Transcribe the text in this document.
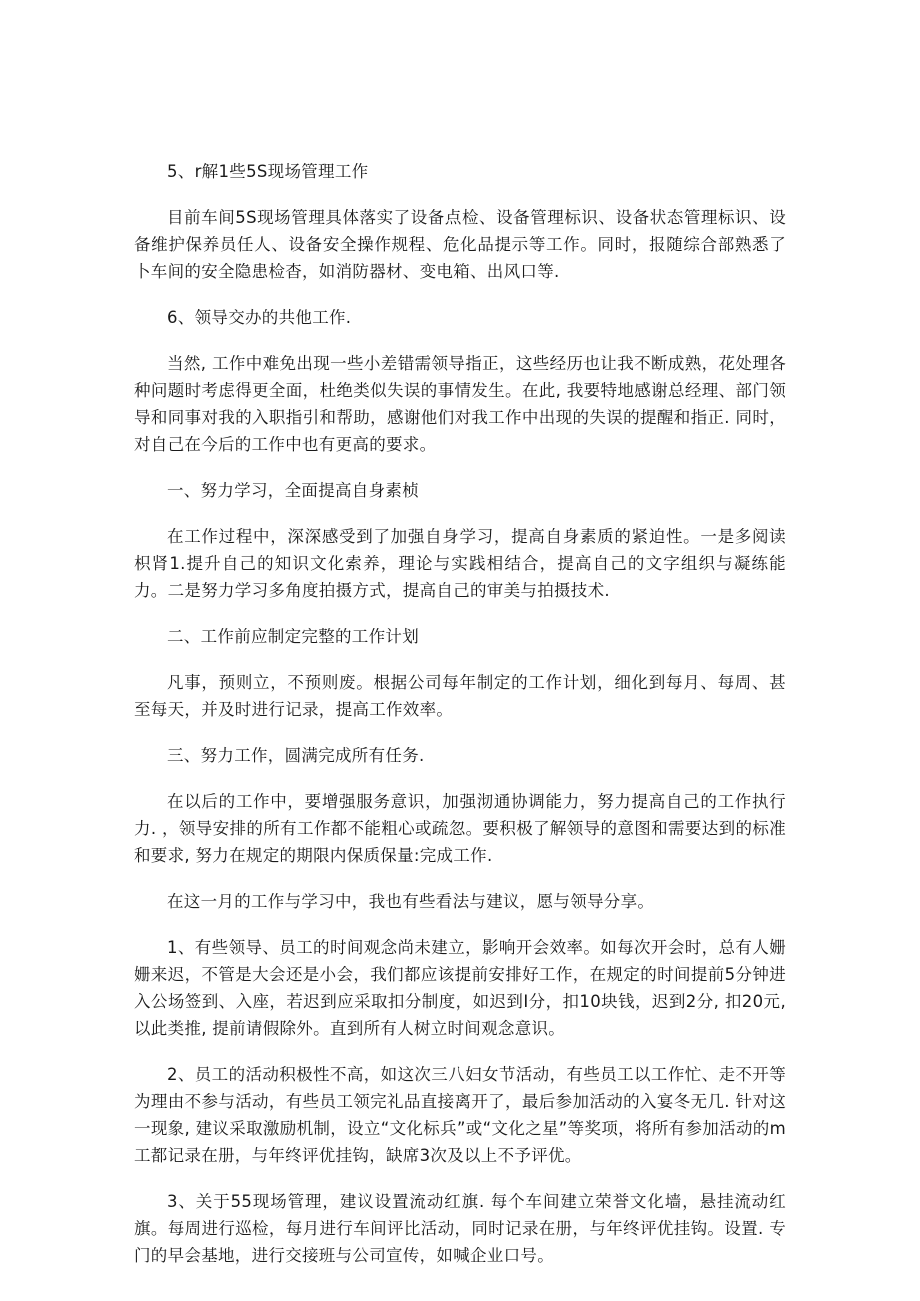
5、r解1些5S现场管理工作

目前车间5S现场管理具体落实了设备点检、设备管理标识、设备状态管理标识、设备维护保养员任人、设备安全操作规程、危化品提示等工作。同时，报随综合部熟悉了卜车间的安全隐患检杳，如消防器材、变电箱、出风口等.

6、领导交办的共他工作.

当然, 工作中难免出现一些小差错需领导指正，这些经历也让我不断成熟，花处理各种问题时考虑得更全面，杜绝类似失误的事情发生。在此, 我要特地感谢总经理、部门领导和同事对我的入职指引和帮助，感谢他们对我工作中出现的失误的提醒和指正. 同时，对自己在今后的工作中也有更高的要求。

一、努力学习，全面提高自身素桢

在工作过程中，深深感受到了加强自身学习，提高自身素质的紧迫性。一是多阅读枳肾1.提升自己的知识文化索养，理论与实践相结合，提高自己的文字组织与凝练能力。二是努力学习多角度拍摄方式，提高自己的审美与拍摄技术.

二、工作前应制定完整的工作计划

凡事，预则立，不预则废。根据公司每年制定的工作计划，细化到每月、每周、甚至每天，并及时进行记录，提高工作效率。

三、努力工作，圆满完成所有任务.

在以后的工作中，要增强服务意识，加强沏通协调能力，努力提高自己的工作执行力. ，领导安排的所有工作都不能粗心或疏忽。要积极了解领导的意图和需要达到的标准和要求, 努力在规定的期限内保质保量:完成工作.

在这一月的工作与学习中，我也有些看法与建议，愿与领导分享。

1、有些领导、员工的时间观念尚未建立，影响开会效率。如每次开会时，总有人姗姗来迟，不管是大会还是小会，我们都应该提前安排好工作，在规定的时间提前5分钟进入公场签到、入座，若迟到应采取扣分制度，如迟到I分，扣10块钱，迟到2分, 扣20元, 以此类推, 提前请假除外。直到所有人树立时间观念意识。

2、员工的活动积极性不高，如这次三八妇女节活动，有些员工以工作忙、走不开等为理由不参与活动，有些员工领完礼品直接离开了，最后参加活动的入宴冬无几. 针对这一现象, 建议采取激励机制，设立“文化标兵”或“文化之星”等奖项，将所有参加活动的m工都记录在册，与年终评优挂钩，缺席3次及以上不予评优。

3、关于55现场管理，建议设置流动红旗. 每个车间建立荣誉文化墙，悬挂流动红旗。每周进行巡检，每月进行车间评比活动，同时记录在册，与年终评优挂钩。设置. 专门的早会基地，进行交接班与公司宣传，如喊企业口号。
